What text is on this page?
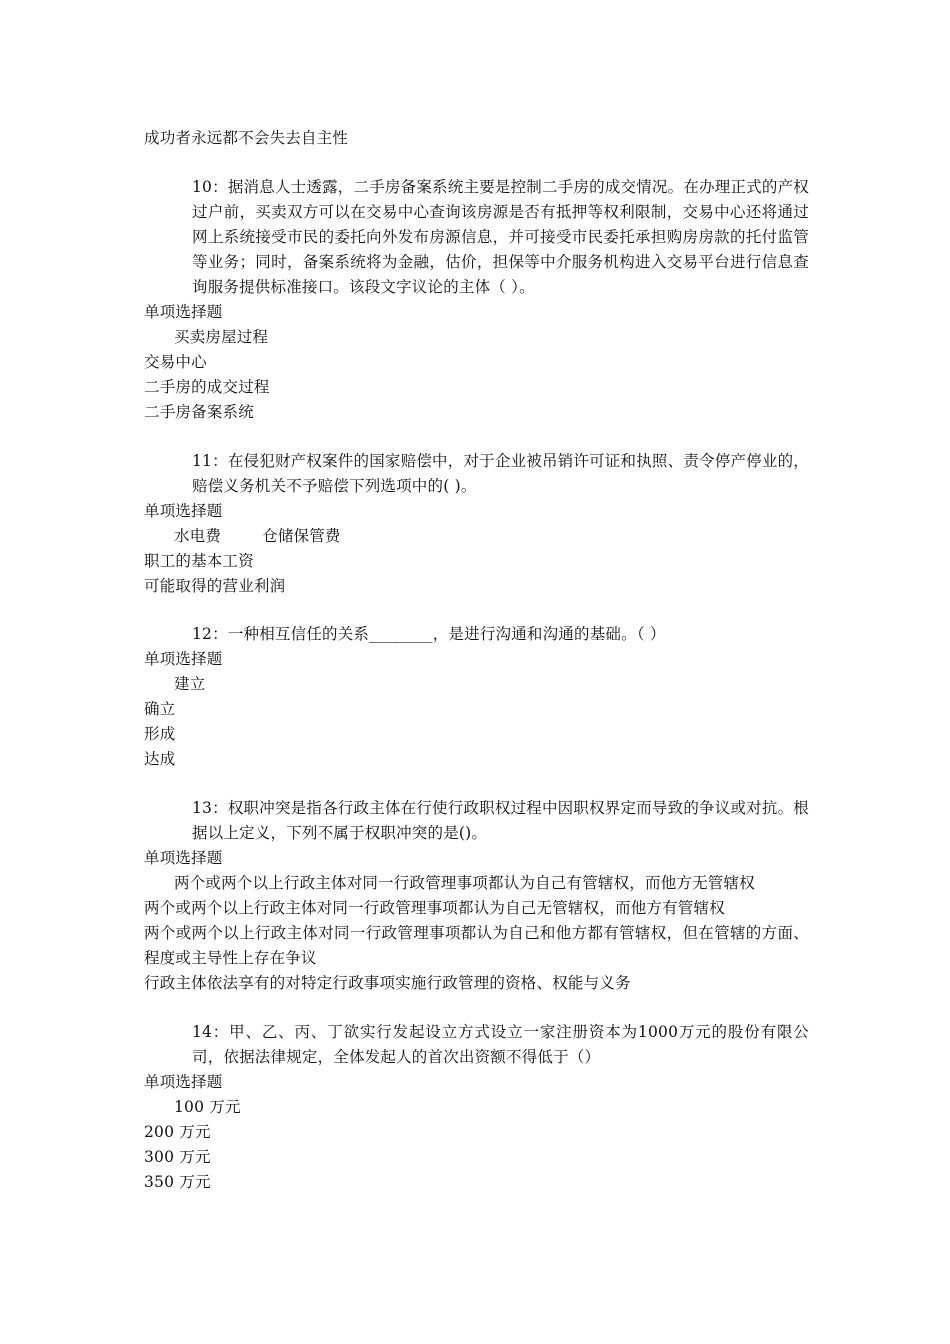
成功者永远都不会失去自主性
10：据消息人士透露，二手房备案系统主要是控制二手房的成交情况。在办理正式的产权过户前，买卖双方可以在交易中心查询该房源是否有抵押等权利限制，交易中心还将通过网上系统接受市民的委托向外发布房源信息，并可接受市民委托承担购房房款的托付监管等业务；同时，备案系统将为金融，估价，担保等中介服务机构进入交易平台进行信息查询服务提供标准接口。该段文字议论的主体（ ）。
单项选择题
买卖房屋过程
交易中心
二手房的成交过程
二手房备案系统
11：在侵犯财产权案件的国家赔偿中，对于企业被吊销许可证和执照、责令停产停业的，赔偿义务机关不予赔偿下列选项中的( )。
单项选择题
水电费        仓储保管费
职工的基本工资
可能取得的营业利润
12：一种相互信任的关系________，是进行沟通和沟通的基础。（ ）
单项选择题
建立
确立
形成
达成
13：权职冲突是指各行政主体在行使行政职权过程中因职权界定而导致的争议或对抗。根据以上定义，下列不属于权职冲突的是()。
单项选择题
两个或两个以上行政主体对同一行政管理事项都认为自己有管辖权，而他方无管辖权
两个或两个以上行政主体对同一行政管理事项都认为自己无管辖权，而他方有管辖权
两个或两个以上行政主体对同一行政管理事项都认为自己和他方都有管辖权，但在管辖的方面、程度或主导性上存在争议
行政主体依法享有的对特定行政事项实施行政管理的资格、权能与义务
14：甲、乙、丙、丁欲实行发起设立方式设立一家注册资本为1000万元的股份有限公司，依据法律规定，全体发起人的首次出资额不得低于（）
单项选择题
100 万元
200 万元
300 万元
350 万元
